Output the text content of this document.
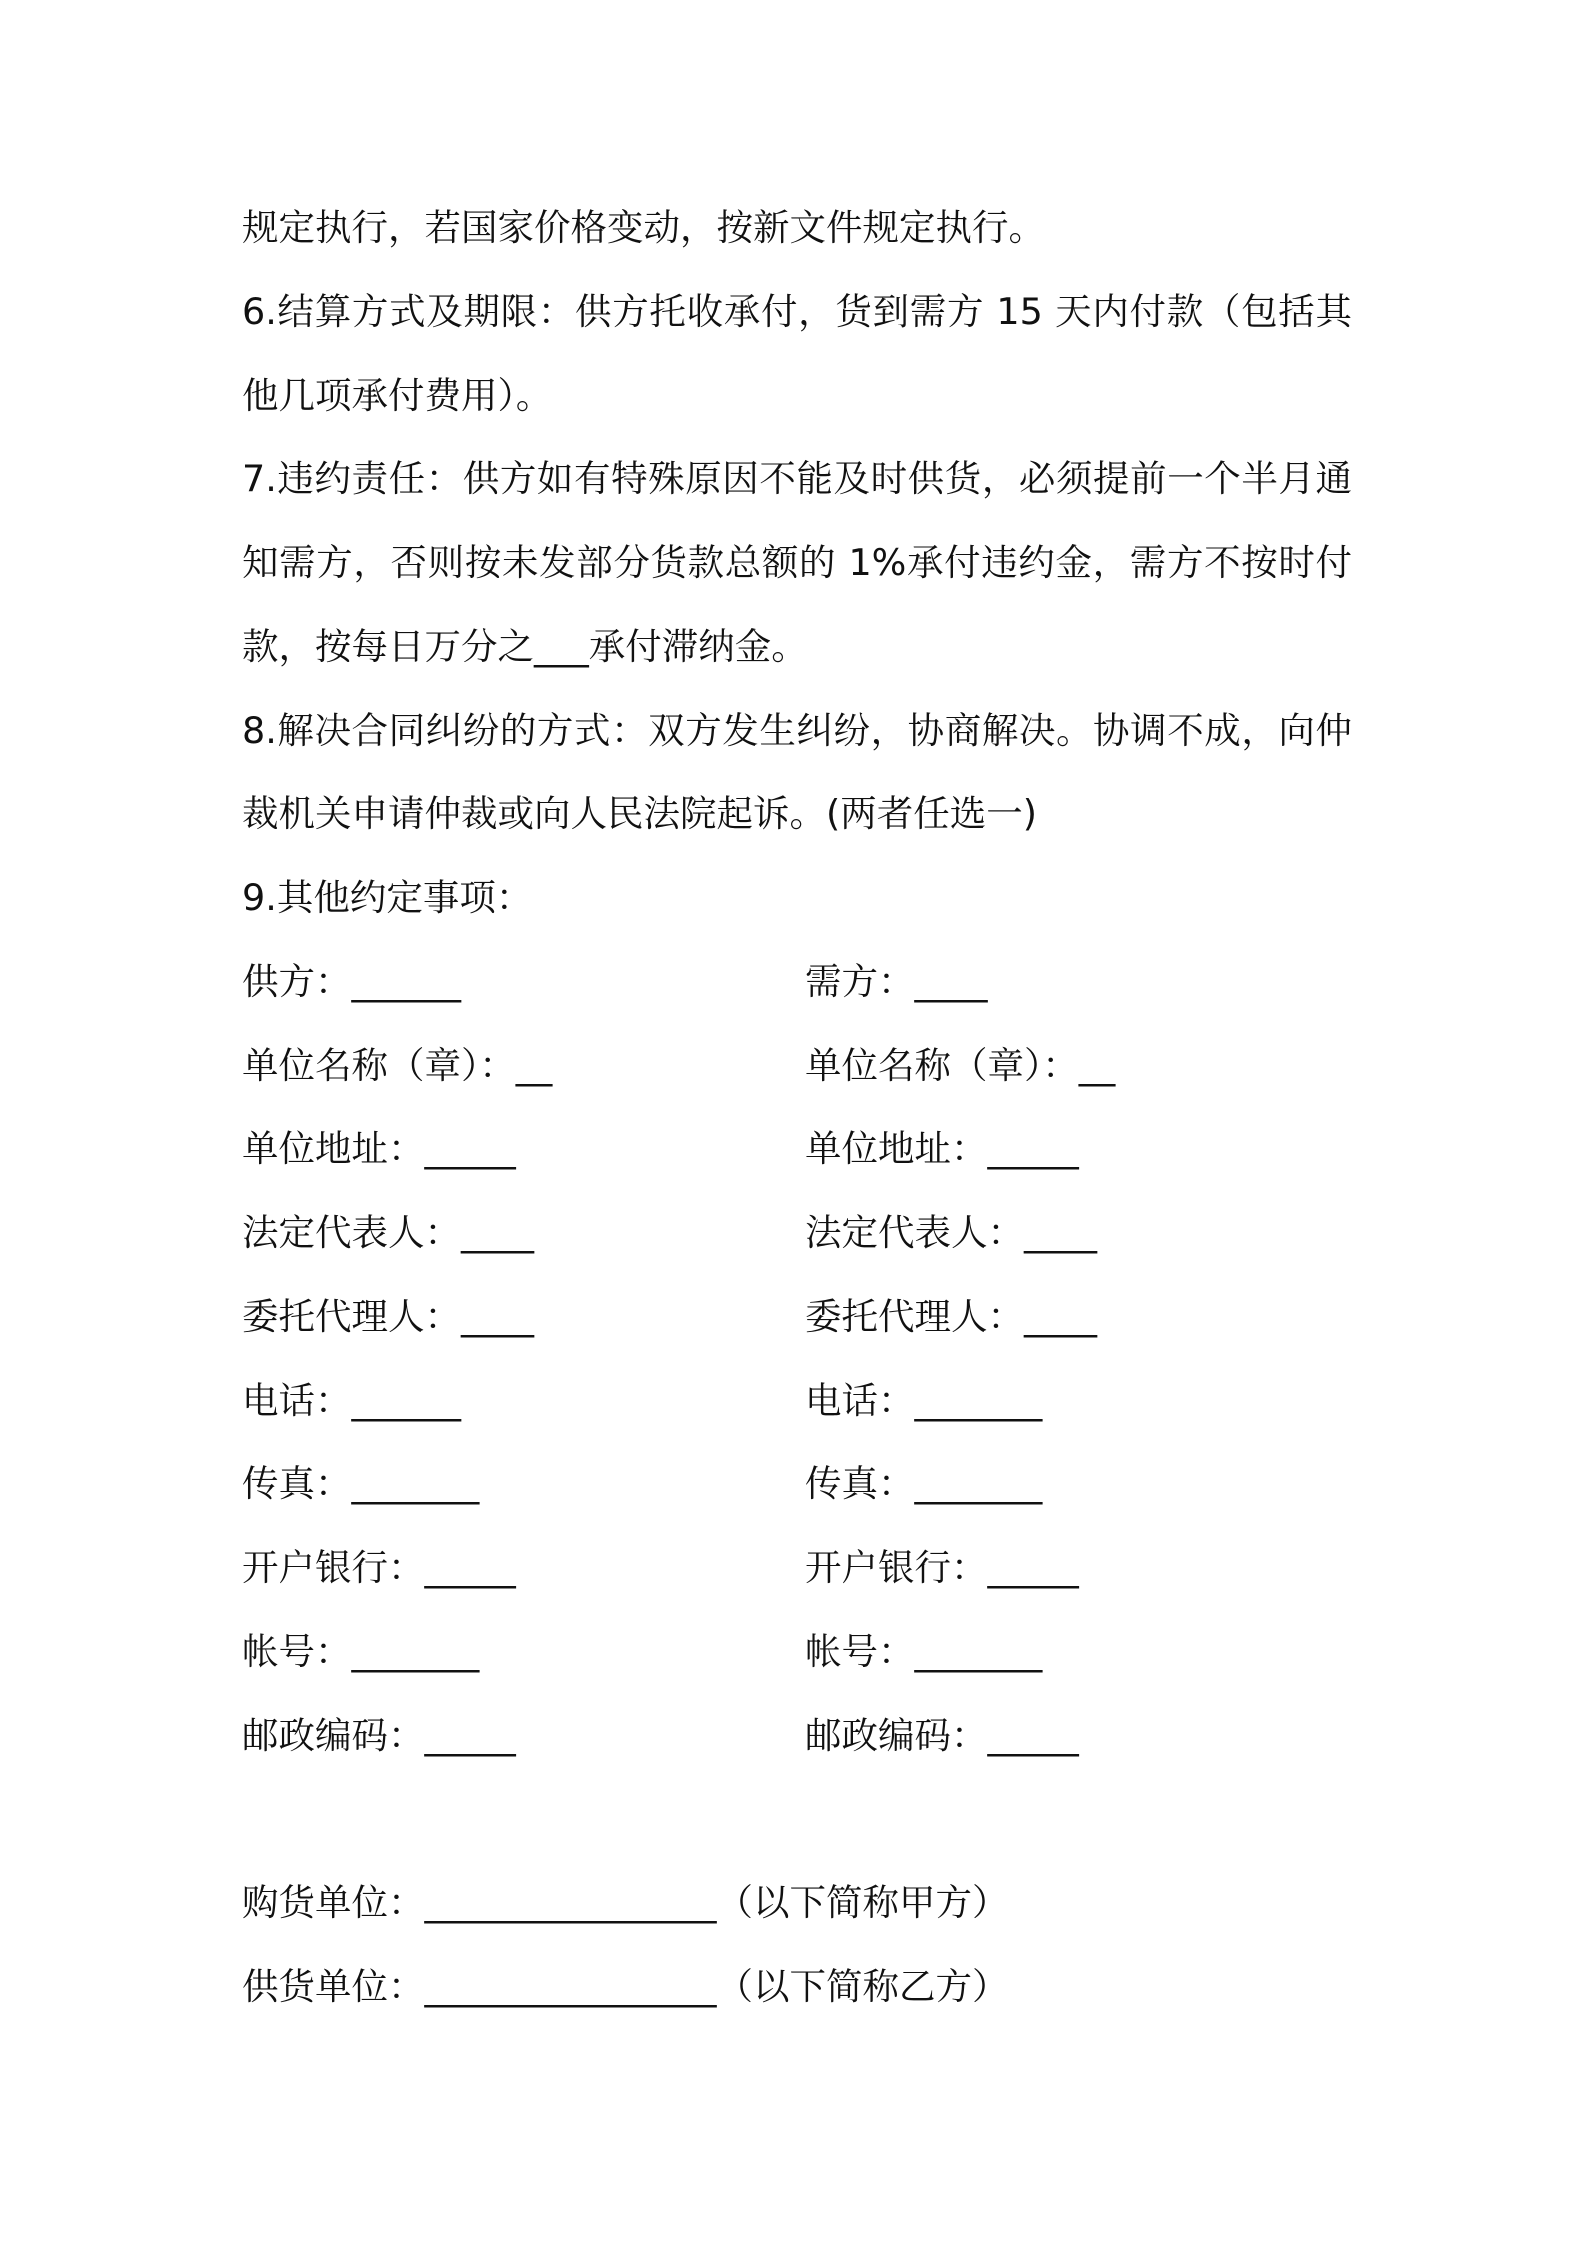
规定执行，若国家价格变动，按新文件规定执行。
6.结算方式及期限：供方托收承付，货到需方 15 天内付款（包括其
他几项承付费用）。
7.违约责任：供方如有特殊原因不能及时供货，必须提前一个半月通
知需方，否则按未发部分货款总额的 1%承付违约金，需方不按时付
款，按每日万分之___承付滞纳金。
8.解决合同纠纷的方式：双方发生纠纷，协商解决。协调不成，向仲
裁机关申请仲裁或向人民法院起诉。(两者任选一)
9.其他约定事项：
供方：______	需方：____
单位名称（章）：__	单位名称（章）：__
单位地址：_____	单位地址：_____
法定代表人：____	法定代表人：____
委托代理人：____	委托代理人：____
电话：______	电话：_______
传真：_______	传真：_______
开户银行：_____	开户银行：_____
帐号：_______	帐号：_______
邮政编码：_____	邮政编码：_____
购货单位：________________（以下简称甲方）
供货单位：________________（以下简称乙方）
